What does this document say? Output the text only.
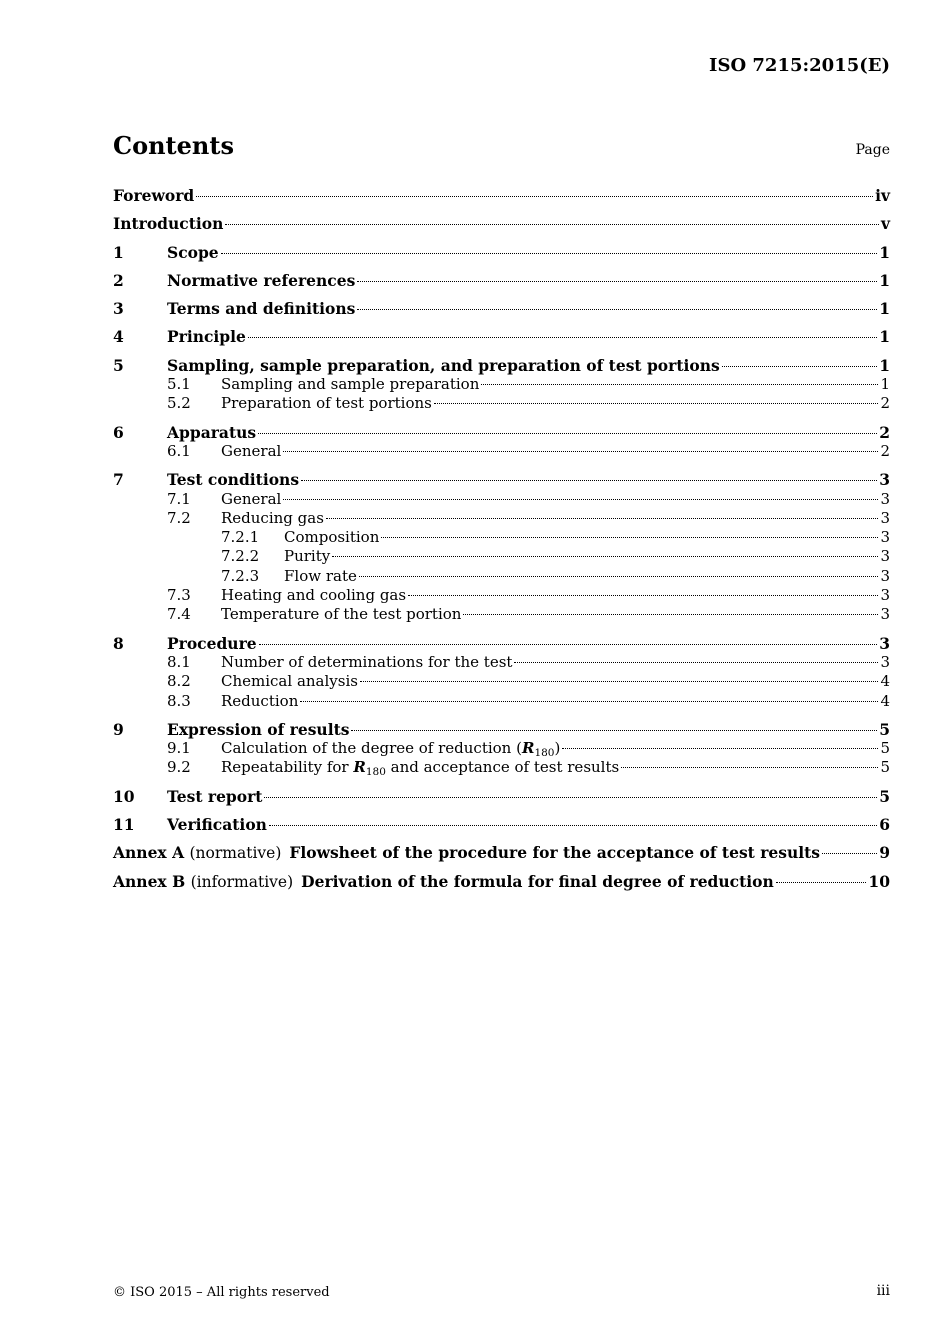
ISO 7215:2015(E)
Contents	Page
Foreword	iv
Introduction	v
1	Scope	1
2	Normative references	1
3	Terms and definitions	1
4	Principle	1
5	Sampling, sample preparation, and preparation of test portions	1
5.1	Sampling and sample preparation	1
5.2	Preparation of test portions	2
6	Apparatus	2
6.1	General	2
7	Test conditions	3
7.1	General	3
7.2	Reducing gas	3
7.2.1	Composition	3
7.2.2	Purity	3
7.2.3	Flow rate	3
7.3	Heating and cooling gas	3
7.4	Temperature of the test portion	3
8	Procedure	3
8.1	Number of determinations for the test	3
8.2	Chemical analysis	4
8.3	Reduction	4
9	Expression of results	5
9.1	Calculation of the degree of reduction $(R_{180})$	5
9.2	Repeatability for $R_{180}$ and acceptance of test results	5
10	Test report	5
11	Verification	6
Annex A (normative) Flowsheet of the procedure for the acceptance of test results	9
Annex B (informative) Derivation of the formula for final degree of reduction	10
© ISO 2015 – All rights reserved	iii
